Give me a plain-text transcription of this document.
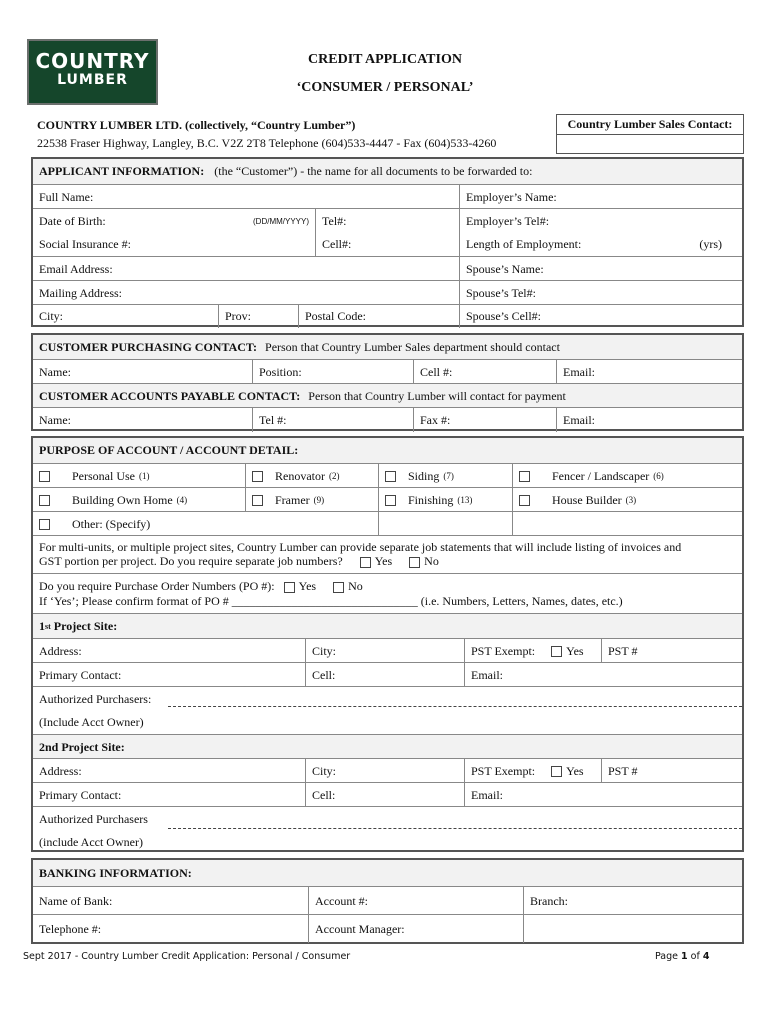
COUNTRY
LUMBER
CREDIT APPLICATION
‘CONSUMER / PERSONAL’
COUNTRY LUMBER LTD. (collectively, “Country Lumber”)
22538 Fraser Highway, Langley, B.C. V2Z 2T8 Telephone (604)533-4447 - Fax (604)533-4260
Country Lumber Sales Contact:
APPLICANT INFORMATION: (the “Customer”) - the name for all documents to be forwarded to:
Full Name:	Employer’s Name:
Date of Birth:	(DD/MM/YYYY) Tel#:	Employer’s Tel#:
Social Insurance #:	Cell#:	Length of Employment:	(yrs)
Email Address:	Spouse’s Name:
Mailing Address:	Spouse’s Tel#:
City:	Prov:	Postal Code:	Spouse’s Cell#:
CUSTOMER PURCHASING CONTACT: Person that Country Lumber Sales department should contact
Name:	Position:	Cell #:	Email:
CUSTOMER ACCOUNTS PAYABLE CONTACT: Person that Country Lumber will contact for payment
Name:	Tel #:	Fax #:	Email:
PURPOSE OF ACCOUNT / ACCOUNT DETAIL:
Personal Use (1)	Renovator (2)	Siding (7)	Fencer / Landscaper (6)
Building Own Home (4)	Framer (9)	Finishing (13)	House Builder (3)
Other: (Specify)
For multi-units, or multiple project sites, Country Lumber can provide separate job statements that will include listing of invoices and
GST portion per project. Do you require separate job numbers?	Yes	No
Do you require Purchase Order Numbers (PO #): Yes	No
If ‘Yes’; Please confirm format of PO # _______________________________ (i.e. Numbers, Letters, Names, dates, etc.)
1 st Project Site:
Address:	City:	PST Exempt:	Yes PST #
Primary Contact:	Cell:	Email:
Authorized Purchasers:
(Include Acct Owner)
2nd Project Site:
Address:	City:	PST Exempt:	Yes PST #
Primary Contact:	Cell:	Email:
Authorized Purchasers
(include Acct Owner)
BANKING INFORMATION:
Name of Bank:	Account #:	Branch:
Telephone #:	Account Manager:
Sept 2017 - Country Lumber Credit Application: Personal / Consumer	Page 1 of 4
